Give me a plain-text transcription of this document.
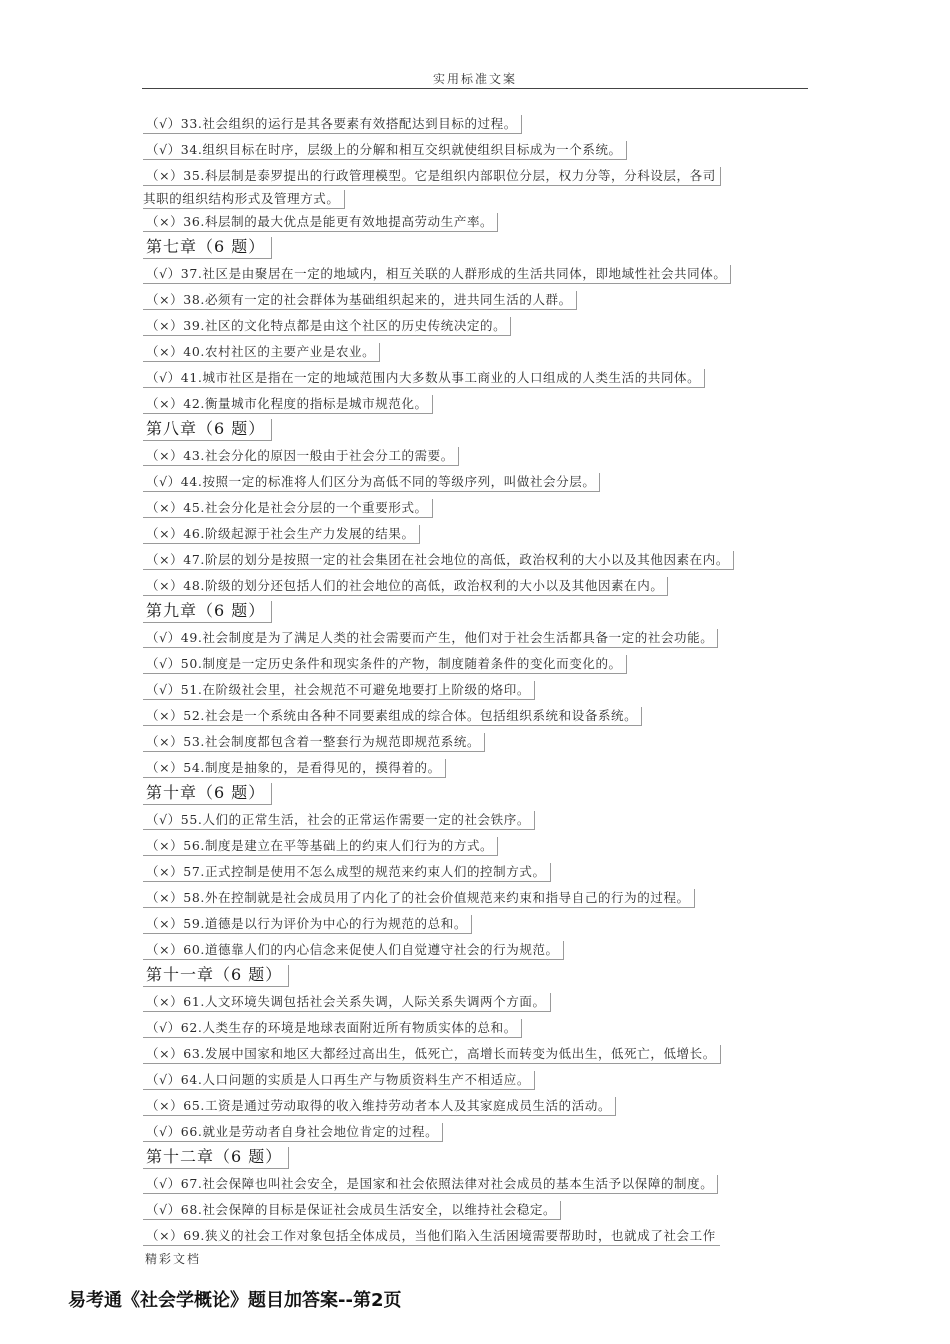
实用标准文案
（√）33.社会组织的运行是其各要素有效搭配达到目标的过程。
（√）34.组织目标在时序，层级上的分解和相互交织就使组织目标成为一个系统。
（×）35.科层制是泰罗提出的行政管理模型。它是组织内部职位分层，权力分等，分科设层，各司
其职的组织结构形式及管理方式。
（×）36.科层制的最大优点是能更有效地提高劳动生产率。
第七章（6 题）
（√）37.社区是由聚居在一定的地域内，相互关联的人群形成的生活共同体，即地域性社会共同体。
（×）38.必须有一定的社会群体为基础组织起来的，进共同生活的人群。
（×）39.社区的文化特点都是由这个社区的历史传统决定的。
（×）40.农村社区的主要产业是农业。
（√）41.城市社区是指在一定的地域范围内大多数从事工商业的人口组成的人类生活的共同体。
（×）42.衡量城市化程度的指标是城市规范化。
第八章（6 题）
（×）43.社会分化的原因一般由于社会分工的需要。
（√）44.按照一定的标准将人们区分为高低不同的等级序列，叫做社会分层。
（×）45.社会分化是社会分层的一个重要形式。
（×）46.阶级起源于社会生产力发展的结果。
（×）47.阶层的划分是按照一定的社会集团在社会地位的高低，政治权利的大小以及其他因素在内。
（×）48.阶级的划分还包括人们的社会地位的高低，政治权利的大小以及其他因素在内。
第九章（6 题）
（√）49.社会制度是为了满足人类的社会需要而产生，他们对于社会生活都具备一定的社会功能。
（√）50.制度是一定历史条件和现实条件的产物，制度随着条件的变化而变化的。
（√）51.在阶级社会里，社会规范不可避免地要打上阶级的烙印。
（×）52.社会是一个系统由各种不同要素组成的综合体。包括组织系统和设备系统。
（×）53.社会制度都包含着一整套行为规范即规范系统。
（×）54.制度是抽象的，是看得见的，摸得着的。
第十章（6 题）
（√）55.人们的正常生活，社会的正常运作需要一定的社会铁序。
（×）56.制度是建立在平等基础上的约束人们行为的方式。
（×）57.正式控制是使用不怎么成型的规范来约束人们的控制方式。
（×）58.外在控制就是社会成员用了内化了的社会价值规范来约束和指导自己的行为的过程。
（×）59.道德是以行为评价为中心的行为规范的总和。
（×）60.道德靠人们的内心信念来促使人们自觉遵守社会的行为规范。
第十一章（6 题）
（×）61.人文环境失调包括社会关系失调，人际关系失调两个方面。
（√）62.人类生存的环境是地球表面附近所有物质实体的总和。
（×）63.发展中国家和地区大都经过高出生，低死亡，高增长而转变为低出生，低死亡，低增长。
（√）64.人口问题的实质是人口再生产与物质资料生产不相适应。
（×）65.工资是通过劳动取得的收入维持劳动者本人及其家庭成员生活的活动。
（√）66.就业是劳动者自身社会地位肯定的过程。
第十二章（6 题）
（√）67.社会保障也叫社会安全，是国家和社会依照法律对社会成员的基本生活予以保障的制度。
（√）68.社会保障的目标是保证社会成员生活安全，以维持社会稳定。
（×）69.狭义的社会工作对象包括全体成员，当他们陷入生活困境需要帮助时，也就成了社会工作
精彩文档
易考通《社会学概论》题目加答案--第2页
